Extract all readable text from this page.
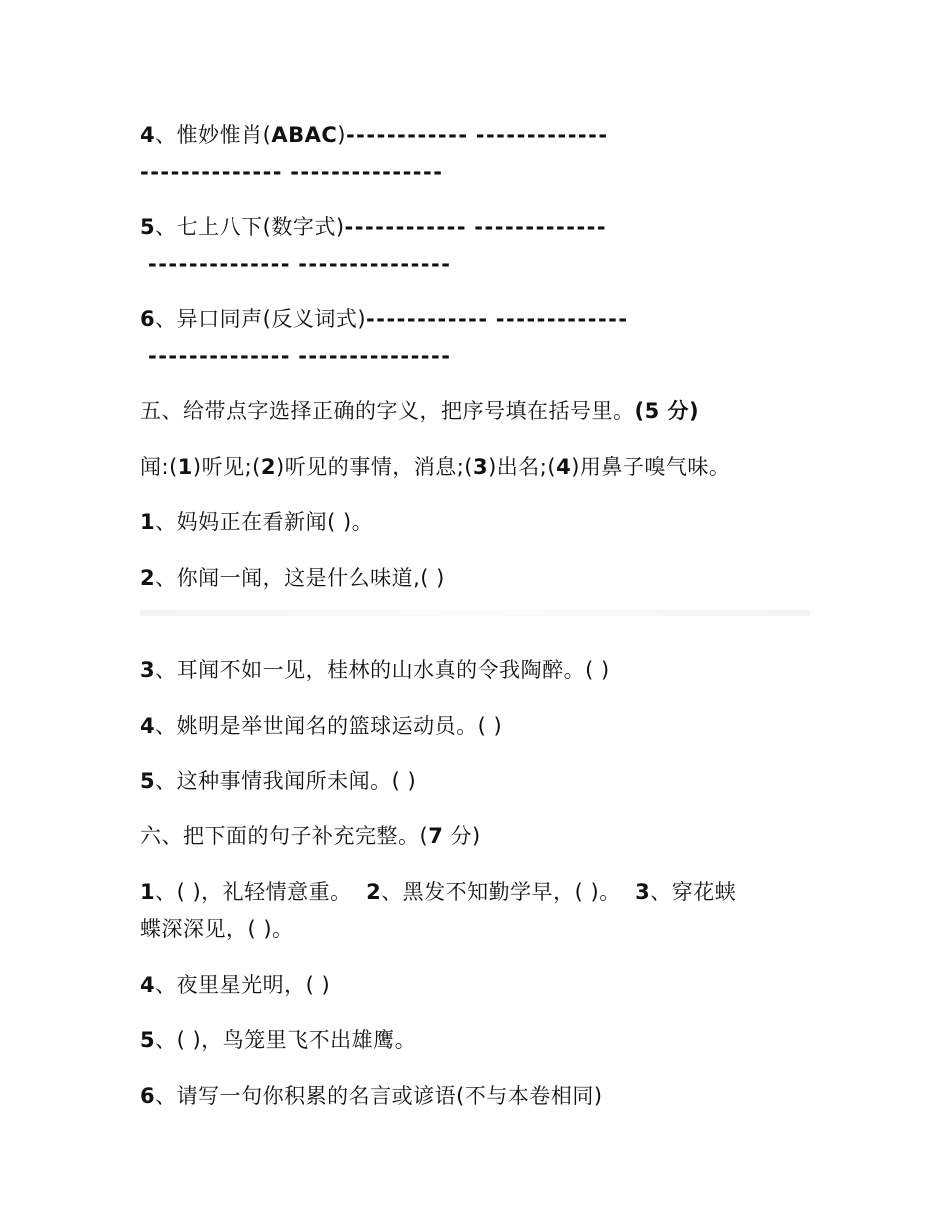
4、惟妙惟肖(ABAC)------------ -------------

-------------- ---------------

5、七上八下(数字式)------------ -------------

-------------- ---------------

6、异口同声(反义词式)------------ -------------

-------------- ---------------

五、给带点字选择正确的字义，把序号填在括号里。(5 分)

闻:(1)听见;(2)听见的事情，消息;(3)出名;(4)用鼻子嗅气味。

1、妈妈正在看新闻( )。

2、你闻一闻，这是什么味道,( )

3、耳闻不如一见，桂林的山水真的令我陶醉。( )

4、姚明是举世闻名的篮球运动员。( )

5、这种事情我闻所未闻。( )

六、把下面的句子补充完整。(7 分)

1、( )，礼轻情意重。  2、黑发不知勤学早，( )。  3、穿花蛱

蝶深深见，( )。

4、夜里星光明，( )

5、( )，鸟笼里飞不出雄鹰。

6、请写一句你积累的名言或谚语(不与本卷相同)
